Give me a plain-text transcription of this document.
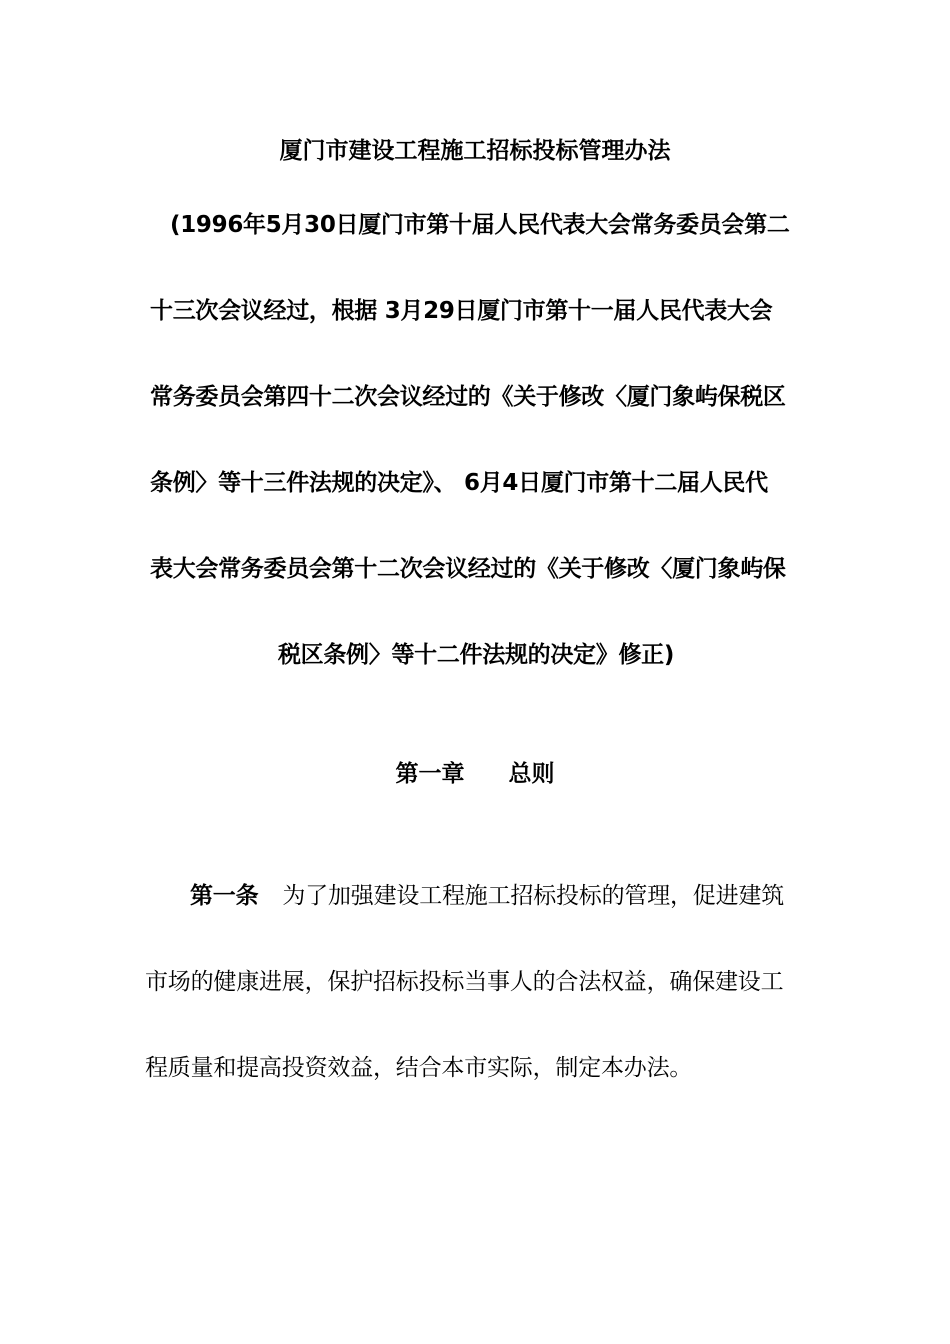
厦门市建设工程施工招标投标管理办法
(1996年5月30日厦门市第十届人民代表大会常务委员会第二
十三次会议经过，根据 3月29日厦门市第十一届人民代表大会
常务委员会第四十二次会议经过的《关于修改〈厦门象屿保税区
条例〉等十三件法规的决定》、 6月4日厦门市第十二届人民代
表大会常务委员会第十二次会议经过的《关于修改〈厦门象屿保
税区条例〉等十二件法规的决定》修正)
第一章 总则
第一条 为了加强建设工程施工招标投标的管理，促进建筑
市场的健康进展，保护招标投标当事人的合法权益，确保建设工
程质量和提高投资效益，结合本市实际，制定本办法。
